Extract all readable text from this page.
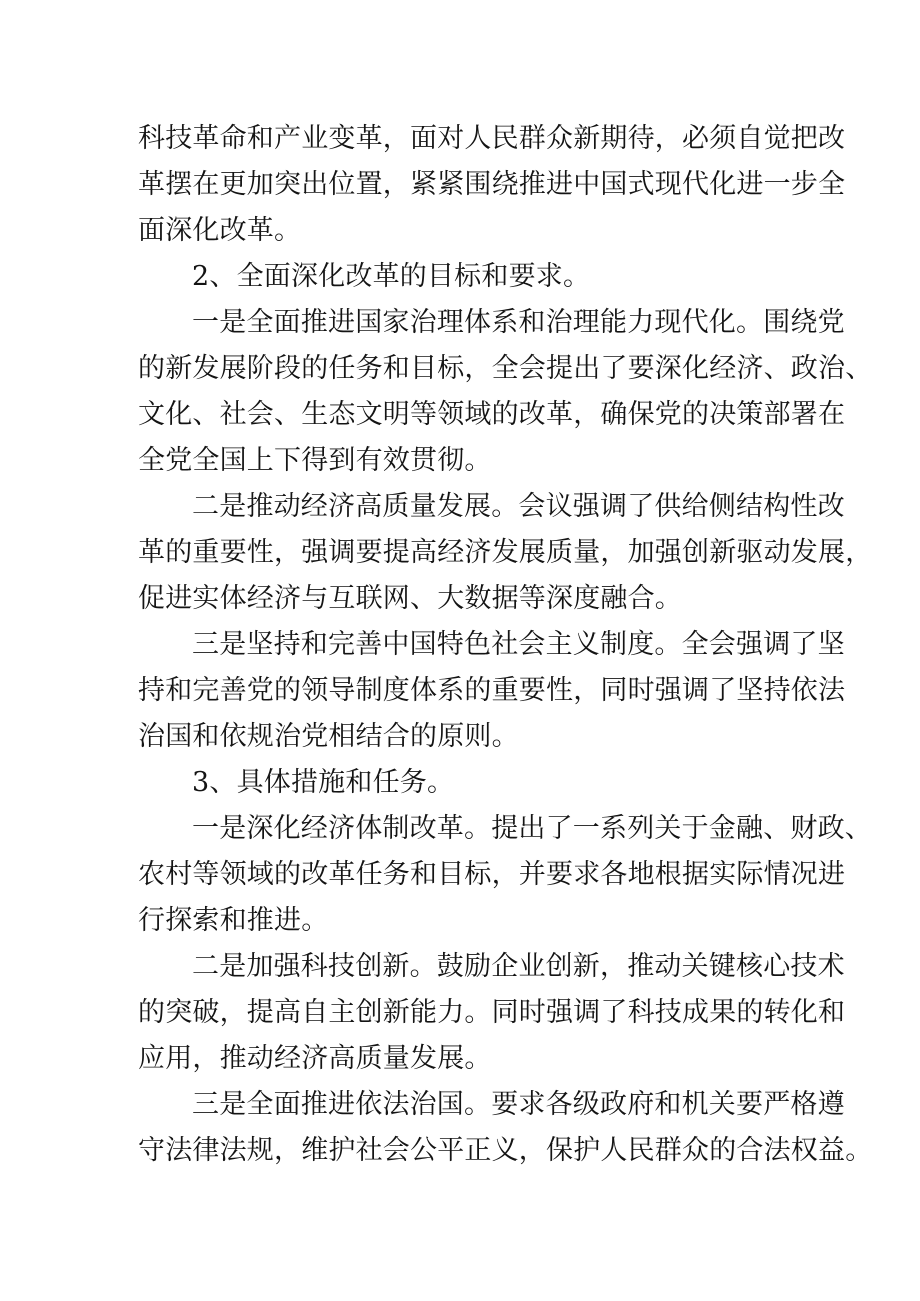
科技革命和产业变革，面对人民群众新期待，必须自觉把改
革摆在更加突出位置，紧紧围绕推进中国式现代化进一步全
面深化改革。
2、全面深化改革的目标和要求。
一是全面推进国家治理体系和治理能力现代化。围绕党
的新发展阶段的任务和目标，全会提出了要深化经济、政治、
文化、社会、生态文明等领域的改革，确保党的决策部署在
全党全国上下得到有效贯彻。
二是推动经济高质量发展。会议强调了供给侧结构性改
革的重要性，强调要提高经济发展质量，加强创新驱动发展，
促进实体经济与互联网、大数据等深度融合。
三是坚持和完善中国特色社会主义制度。全会强调了坚
持和完善党的领导制度体系的重要性，同时强调了坚持依法
治国和依规治党相结合的原则。
3、具体措施和任务。
一是深化经济体制改革。提出了一系列关于金融、财政、
农村等领域的改革任务和目标，并要求各地根据实际情况进
行探索和推进。
二是加强科技创新。鼓励企业创新，推动关键核心技术
的突破，提高自主创新能力。同时强调了科技成果的转化和
应用，推动经济高质量发展。
三是全面推进依法治国。要求各级政府和机关要严格遵
守法律法规，维护社会公平正义，保护人民群众的合法权益。
